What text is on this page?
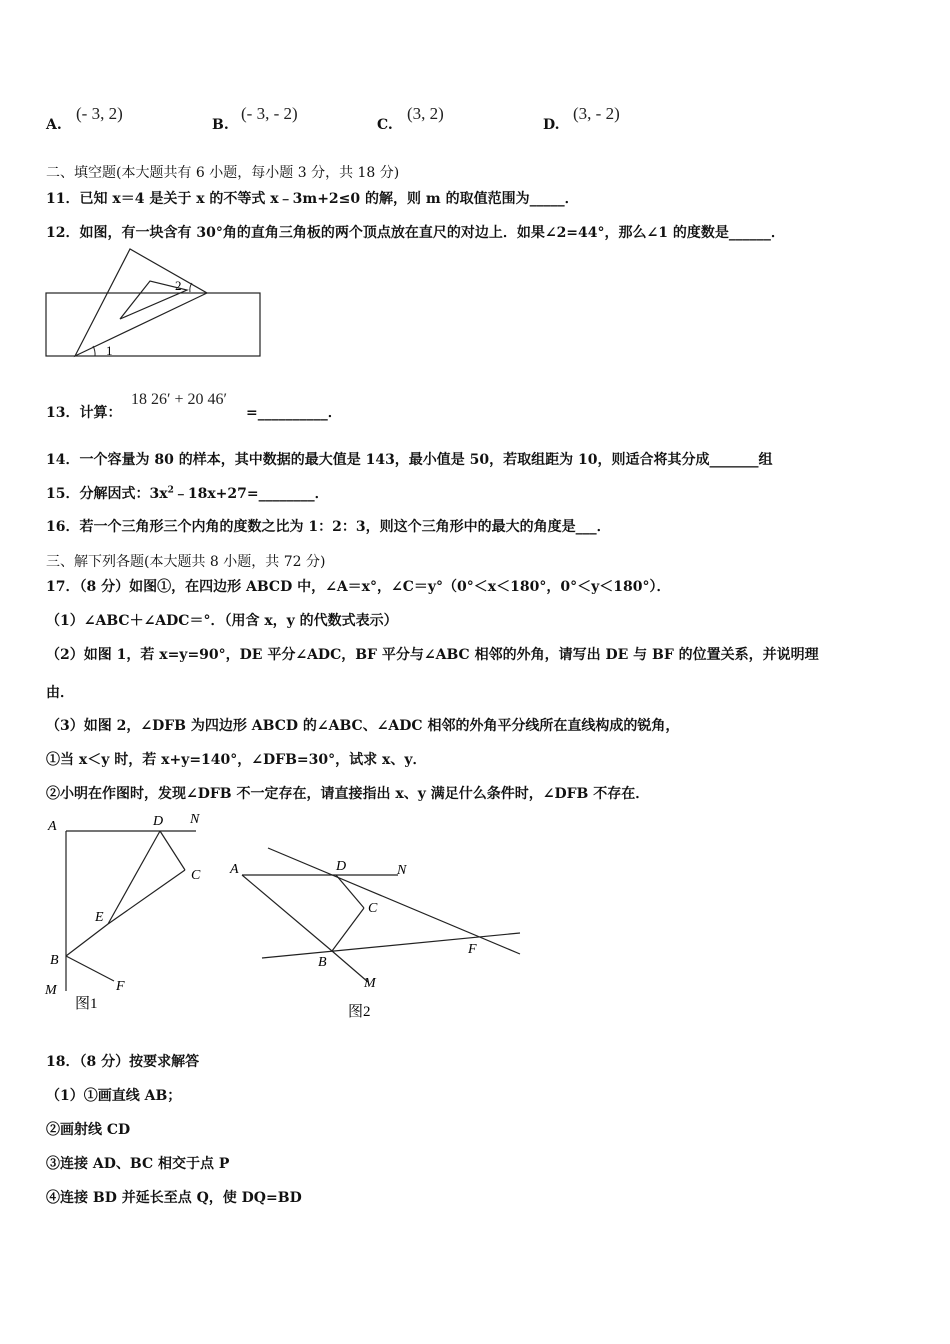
A.
(- 3, 2)
B.
(- 3, - 2)
C.
(3, 2)
D.
(3, - 2)
二、填空题(本大题共有 6 小题，每小题 3 分，共 18 分)
11．已知 x＝4 是关于 x 的不等式 x﹣3m+2≤0 的解，则 m 的取值范围为_____．
12．如图，有一块含有 30°角的直角三角板的两个顶点放在直尺的对边上．如果∠2=44°，那么∠1 的度数是______．
1
2
13．计算：
18 26′ + 20 46′
=__________．
14．一个容量为 80 的样本，其中数据的最大值是 143，最小值是 50，若取组距为 10，则适合将其分成_______组
15．分解因式：$3x^2﹣18x+27=\_\_\_\_\_\_\_\_$．
16．若一个三角形三个内角的度数之比为 1：2：3，则这个三角形中的最大的角度是___．
三、解下列各题(本大题共 8 小题，共 72 分)
17．（8 分）如图①，在四边形 ABCD 中，∠A＝x°，∠C＝y°（0°＜x＜180°，0°＜y＜180°）．
（1）∠ABC＋∠ADC＝°．（用含 x，y 的代数式表示）
（2）如图 1，若 x=y=90°，DE 平分∠ADC，BF 平分与∠ABC 相邻的外角，请写出 DE 与 BF 的位置关系，并说明理
由．
（3）如图 2，∠DFB 为四边形 ABCD 的∠ABC、∠ADC 相邻的外角平分线所在直线构成的锐角，
①当 x＜y 时，若 x+y=140°，∠DFB=30°，试求 x、y．
②小明在作图时，发现∠DFB 不一定存在，请直接指出 x、y 满足什么条件时，∠DFB 不存在．
A	D N
C
E
B
F
M
图1
A	D	N
C
B
F
M
图2
18．（8 分）按要求解答
（1）①画直线 AB；
②画射线 CD
③连接 AD、BC 相交于点 P
④连接 BD 并延长至点 Q，使 DQ=BD
